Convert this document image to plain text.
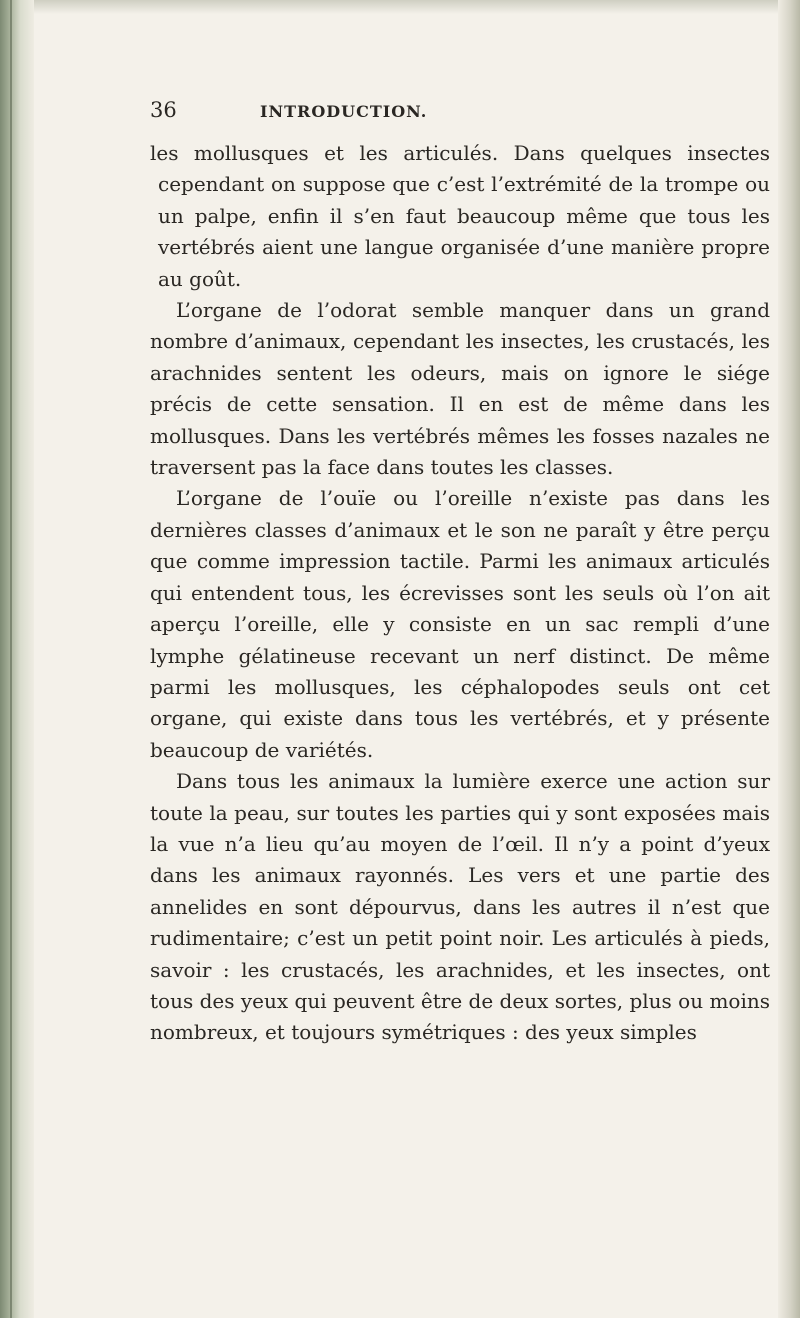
36	INTRODUCTION.

les mollusques et les articulés. Dans quelques insectes cependant on suppose que c’est l’extrémité de la trompe ou un palpe, enfin il s’en faut beaucoup même que tous les vertébrés aient une langue organisée d’une manière propre au goût.

L’organe de l’odorat semble manquer dans un grand nombre d’animaux, cependant les insectes, les crustacés, les arachnides sentent les odeurs, mais on ignore le siége précis de cette sensation. Il en est de même dans les mollusques. Dans les vertébrés mêmes les fosses nazales ne traversent pas la face dans toutes les classes.

L’organe de l’ouïe ou l’oreille n’existe pas dans les dernières classes d’animaux et le son ne paraît y être perçu que comme impression tactile. Parmi les animaux articulés qui entendent tous, les écrevisses sont les seuls où l’on ait aperçu l’oreille, elle y consiste en un sac rempli d’une lymphe gélatineuse recevant un nerf distinct. De même parmi les mollusques, les céphalopodes seuls ont cet organe, qui existe dans tous les vertébrés, et y présente beaucoup de variétés.

Dans tous les animaux la lumière exerce une action sur toute la peau, sur toutes les parties qui y sont exposées mais la vue n’a lieu qu’au moyen de l’œil. Il n’y a point d’yeux dans les animaux rayonnés. Les vers et une partie des annelides en sont dépourvus, dans les autres il n’est que rudimentaire; c’est un petit point noir. Les articulés à pieds, savoir : les crustacés, les arachnides, et les insectes, ont tous des yeux qui peuvent être de deux sortes, plus ou moins nombreux, et toujours symétriques : des yeux simples
